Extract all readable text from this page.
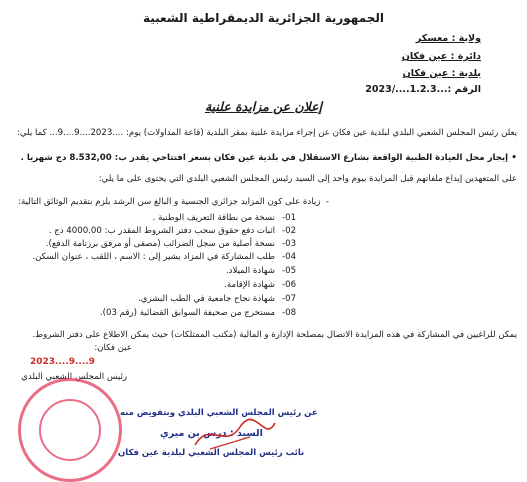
الجمهورية الجزائرية الديمقراطية الشعبية
ولاية : معسكر
دائرة : عين فكان
بلدية : عين فكان
الرقم :...1.2.3..../2023
إعلان عن مزايدة علنية
يعلن رئيس المجلس الشعبي البلدي لبلدية عين فكان عن إجراء مزايدة علنية بمقر البلدية (قاعة المداولات) يوم: ....2023....9....9... كما يلي:
• إيجار محل العيادة الطبية الواقعة بشارع الاستقلال في بلدية عين فكان بسعر افتتاحي يقدر ب: 8.532,00 دج شهريا .
على المتعهدين إيداع ملفاتهم قبل المزايدة بيوم واحد إلى السيد رئيس المجلس الشعبي البلدي التي يحتوى على ما يلي:
-  زيادة على كون المزايد جزائري الجنسية و البالغ سن الرشد يلزم بتقديم الوثائق التالية:
-01
نسخة من بطاقة التعريف الوطنية .
-02
اثبات دفع حقوق سحب دفتر الشروط المقدر ب: 4000.00 دج .
-03
نسخة أصلية من سجل الضرائب (مصفى أو مرفق برزنامة الدفع).
-04
طلب المشاركة في المزاد يشير إلى : الاسم ، اللقب ، عنوان السكن.
-05
شهادة الميلاد.
-06
شهادة الإقامة.
-07
شهادة نجاح جامعية في الطب البشري.
-08
مستخرج من صحيفة السوابق القضائية (رقم 03).
يمكن للراغبين في المشاركة في هذه المزايدة الاتصال بمصلحة الإدارة و المالية (مكتب الممتلكات) حيث يمكن الاطلاع على دفتر الشروط.
عين فكان:
2023....9....9
رئيس المجلس الشعبي البلدي
عن رئيس المجلس الشعبي البلدي وبتفويض منه
السيد : درس بن ميري
نائب رئيس المجلس الشعبي لبلدية عين فكان
